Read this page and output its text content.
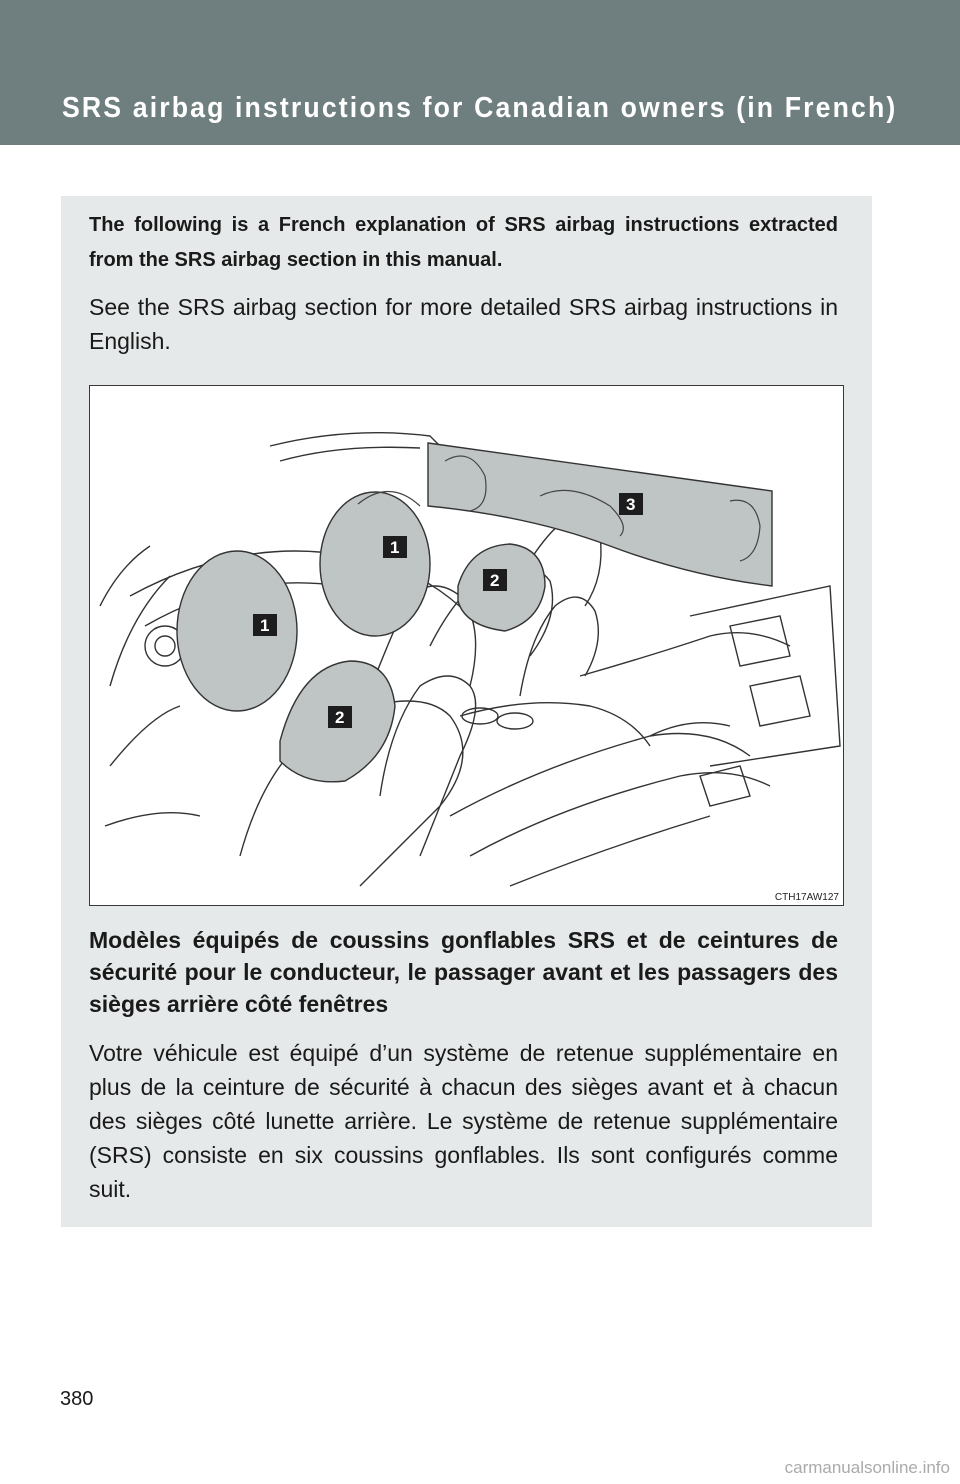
SRS airbag instructions for Canadian owners (in French)
The following is a French explanation of SRS airbag instructions extracted from the SRS airbag section in this manual.
See the SRS airbag section for more detailed SRS airbag instructions in English.
1
1
2
2
3
CTH17AW127
Modèles équipés de coussins gonflables SRS et de ceintures de sécurité pour le conducteur, le passager avant et les passagers des sièges arrière côté fenêtres
Votre véhicule est équipé d’un système de retenue supplémentaire en plus de la ceinture de sécurité à chacun des sièges avant et à chacun des sièges côté lunette arrière. Le système de retenue supplémentaire (SRS) consiste en six coussins gonflables. Ils sont configurés comme suit.
380
carmanualsonline.info
